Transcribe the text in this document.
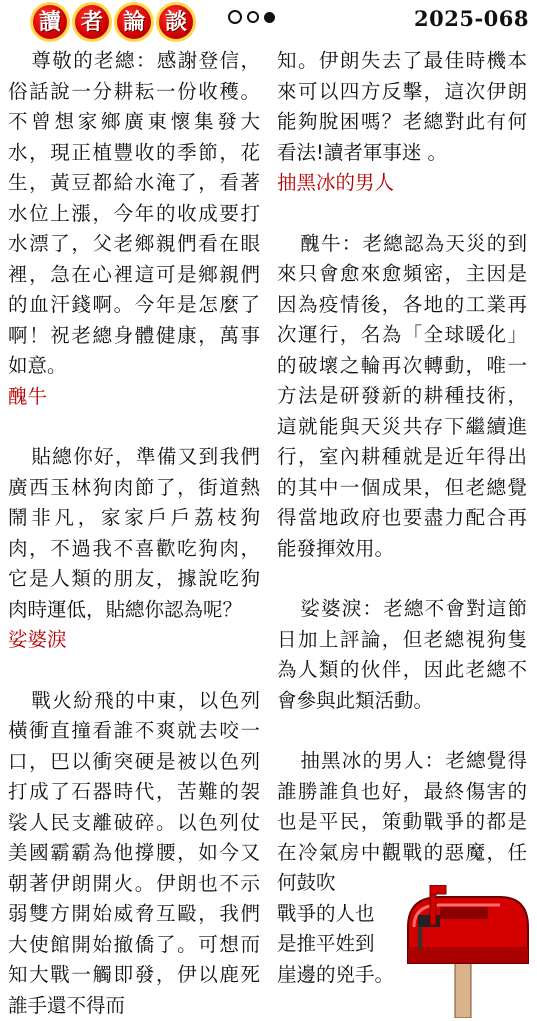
讀 者 論 談	2025-068

尊敬的老總：感謝登信，俗話說一分耕耘一份收穫。不曾想家鄉廣東懷集發大水，現正植豐收的季節，花生，黃豆都給水淹了，看著水位上漲，今年的收成要打水漂了，父老鄉親們看在眼裡，急在心裡這可是鄉親們的血汗錢啊。今年是怎麼了啊！祝老總身體健康，萬事如意。

醜牛

貼總你好，準備又到我們廣西玉林狗肉節了，街道熱鬧非凡，家家戶戶荔枝狗肉，不過我不喜歡吃狗肉，它是人類的朋友，據說吃狗肉時運低，貼總你認為呢？

娑婆淚

戰火紛飛的中東，以色列橫衝直撞看誰不爽就去咬一口，巴以衝突硬是被以色列打成了石器時代，苦難的袈裟人民支離破碎。以色列仗美國霸霸為他撐腰，如今又朝著伊朗開火。伊朗也不示弱雙方開始威脅互毆，我們大使館開始撤僑了。可想而知大戰一觸即發，伊以鹿死誰手還不得而

知。伊朗失去了最佳時機本來可以四方反擊，這次伊朗能夠脫困嗎？老總對此有何看法!讀者軍事迷 。

抽黑冰的男人

醜牛：老總認為天災的到來只會愈來愈頻密，主因是因為疫情後，各地的工業再次運行，名為「全球暖化」的破壞之輪再次轉動，唯一方法是研發新的耕種技術，這就能與天災共存下繼續進行，室內耕種就是近年得出的其中一個成果，但老總覺得當地政府也要盡力配合再能發揮效用。

娑婆淚：老總不會對這節日加上評論，但老總視狗隻為人類的伙伴，因此老總不會參與此類活動。

抽黑冰的男人：老總覺得誰勝誰負也好，最終傷害的也是平民，策動戰爭的都是在冷氣房中觀戰的惡魔，任何鼓吹

戰爭的人也

是推平姓到

崖邊的兇手。
